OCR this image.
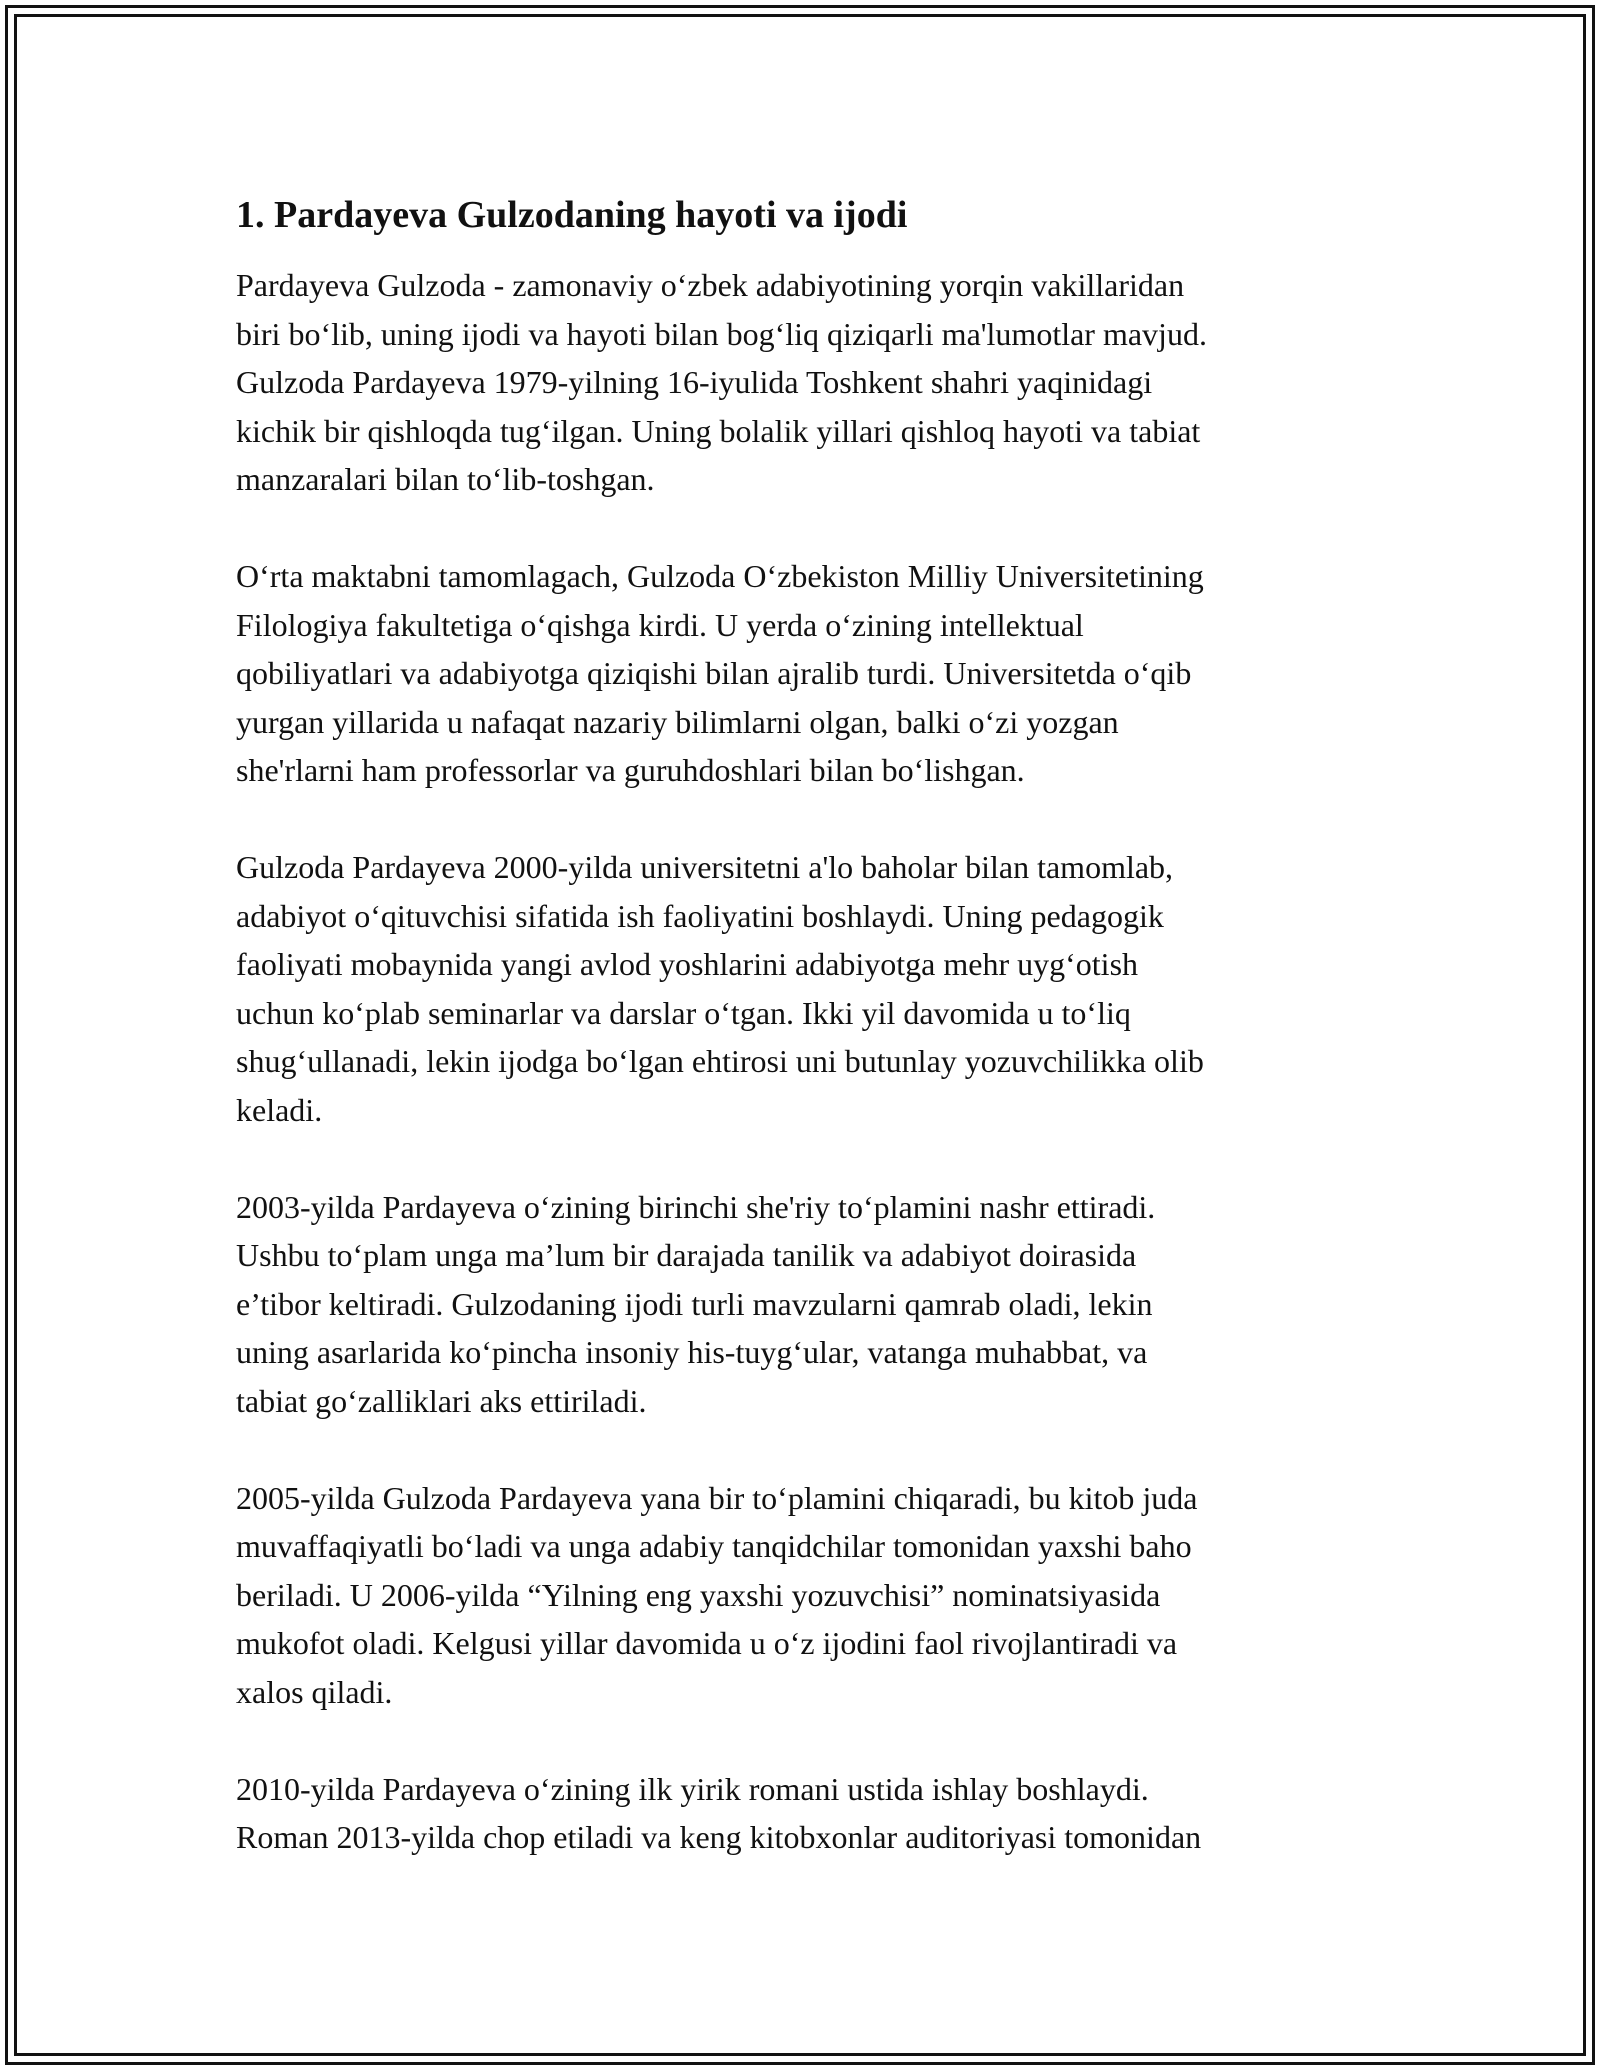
1. Pardayeva Gulzodaning hayoti va ijodi

Pardayeva Gulzoda - zamonaviy o‘zbek adabiyotining yorqin vakillaridan
biri bo‘lib, uning ijodi va hayoti bilan bog‘liq qiziqarli ma'lumotlar mavjud.
Gulzoda Pardayeva 1979-yilning 16-iyulida Toshkent shahri yaqinidagi
kichik bir qishloqda tug‘ilgan. Uning bolalik yillari qishloq hayoti va tabiat
manzaralari bilan to‘lib-toshgan.

O‘rta maktabni tamomlagach, Gulzoda O‘zbekiston Milliy Universitetining
Filologiya fakultetiga o‘qishga kirdi. U yerda o‘zining intellektual
qobiliyatlari va adabiyotga qiziqishi bilan ajralib turdi. Universitetda o‘qib
yurgan yillarida u nafaqat nazariy bilimlarni olgan, balki o‘zi yozgan
she'rlarni ham professorlar va guruhdoshlari bilan bo‘lishgan.

Gulzoda Pardayeva 2000-yilda universitetni a'lo baholar bilan tamomlab,
adabiyot o‘qituvchisi sifatida ish faoliyatini boshlaydi. Uning pedagogik
faoliyati mobaynida yangi avlod yoshlarini adabiyotga mehr uyg‘otish
uchun ko‘plab seminarlar va darslar o‘tgan. Ikki yil davomida u to‘liq
shug‘ullanadi, lekin ijodga bo‘lgan ehtirosi uni butunlay yozuvchilikka olib
keladi.

2003-yilda Pardayeva o‘zining birinchi she'riy to‘plamini nashr ettiradi.
Ushbu to‘plam unga ma’lum bir darajada tanilik va adabiyot doirasida
e’tibor keltiradi. Gulzodaning ijodi turli mavzularni qamrab oladi, lekin
uning asarlarida ko‘pincha insoniy his-tuyg‘ular, vatanga muhabbat, va
tabiat go‘zalliklari aks ettiriladi.

2005-yilda Gulzoda Pardayeva yana bir to‘plamini chiqaradi, bu kitob juda
muvaffaqiyatli bo‘ladi va unga adabiy tanqidchilar tomonidan yaxshi baho
beriladi. U 2006-yilda “Yilning eng yaxshi yozuvchisi” nominatsiyasida
mukofot oladi. Kelgusi yillar davomida u o‘z ijodini faol rivojlantiradi va
xalos qiladi.

2010-yilda Pardayeva o‘zining ilk yirik romani ustida ishlay boshlaydi.
Roman 2013-yilda chop etiladi va keng kitobxonlar auditoriyasi tomonidan
